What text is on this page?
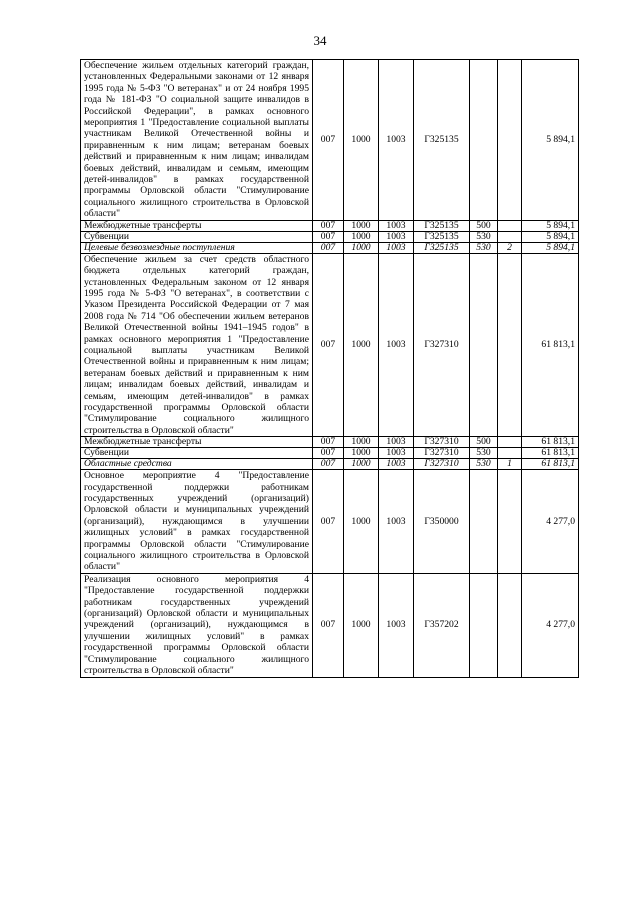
34
Обеспечение жильем отдельных категорий граждан, установленных Федеральными законами от 12 января 1995 года № 5-ФЗ "О ветеранах" и от 24 ноября 1995 года № 181-ФЗ "О социальной защите инвалидов в Российской Федерации", в рамках основного мероприятия 1 "Предоставление социальной выплаты участникам Великой Отечественной войны и приравненным к ним лицам; ветеранам боевых действий и приравненным к ним лицам; инвалидам боевых действий, инвалидам и семьям, имеющим детей-инвалидов" в рамках государственной программы Орловской области "Стимулирование социального жилищного строительства в Орловской области"	007	1000	1003	Г325135			5 894,1
Межбюджетные трансферты	007	1000	1003	Г325135	500		5 894,1
Субвенции	007	1000	1003	Г325135	530		5 894,1
Целевые безвозмездные поступления	007	1000	1003	Г325135	530	2	5 894,1
Обеспечение жильем за счет средств областного бюджета отдельных категорий граждан, установленных Федеральным законом от 12 января 1995 года № 5-ФЗ "О ветеранах", в соответствии с Указом Президента Российской Федерации от 7 мая 2008 года № 714 "Об обеспечении жильем ветеранов Великой Отечественной войны 1941–1945 годов" в рамках основного мероприятия 1 "Предоставление социальной выплаты участникам Великой Отечественной войны и приравненным к ним лицам; ветеранам боевых действий и приравненным к ним лицам; инвалидам боевых действий, инвалидам и семьям, имеющим детей-инвалидов" в рамках государственной программы Орловской области "Стимулирование социального жилищного строительства в Орловской области"	007	1000	1003	Г327310			61 813,1
Межбюджетные трансферты	007	1000	1003	Г327310	500		61 813,1
Субвенции	007	1000	1003	Г327310	530		61 813,1
Областные средства	007	1000	1003	Г327310	530	1	61 813,1
Основное мероприятие 4 "Предоставление государственной поддержки работникам государственных учреждений (организаций) Орловской области и муниципальных учреждений (организаций), нуждающимся в улучшении жилищных условий" в рамках государственной программы Орловской области "Стимулирование социального жилищного строительства в Орловской области"	007	1000	1003	Г350000			4 277,0
Реализация основного мероприятия 4 "Предоставление государственной поддержки работникам государственных учреждений (организаций) Орловской области и муниципальных учреждений (организаций), нуждающимся в улучшении жилищных условий" в рамках государственной программы Орловской области "Стимулирование социального жилищного строительства в Орловской области"	007	1000	1003	Г357202			4 277,0
